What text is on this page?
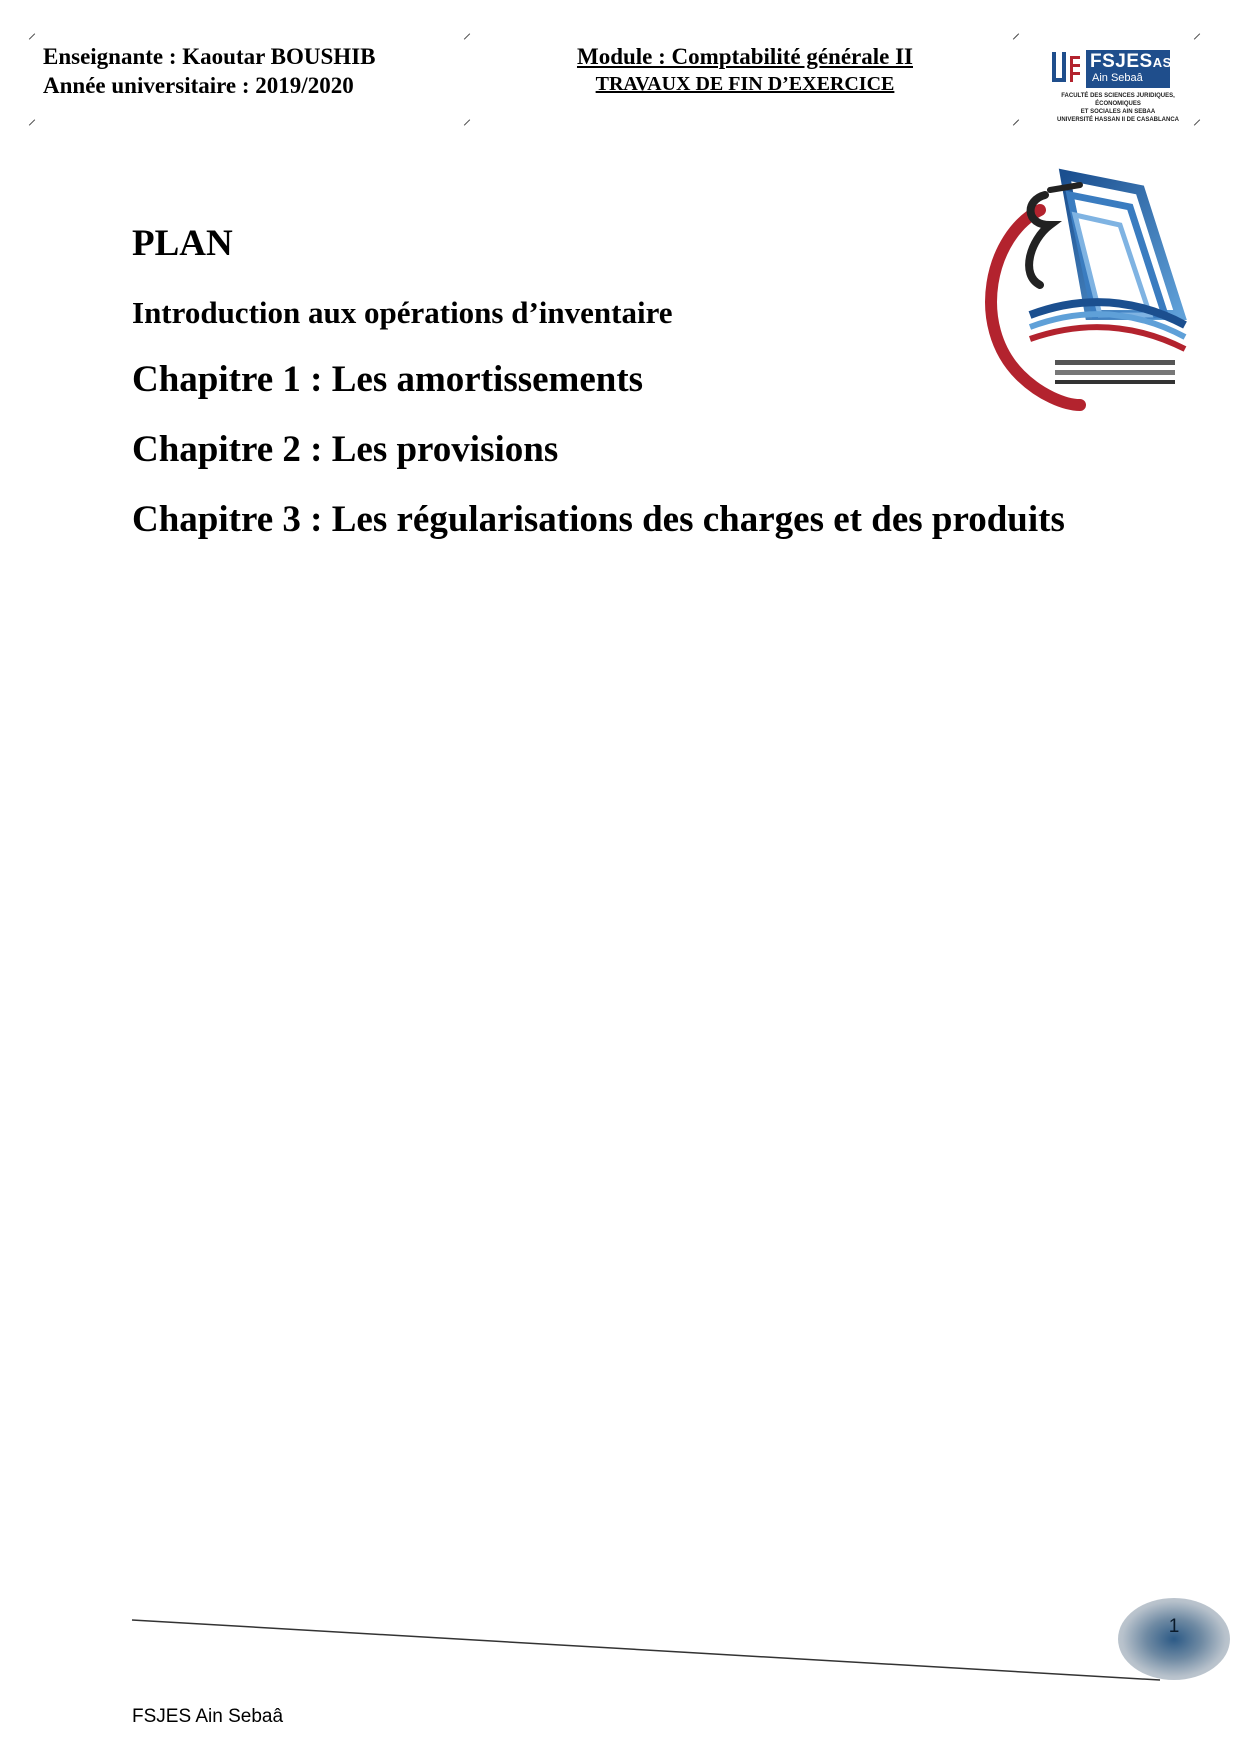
Enseignante : Kaoutar BOUSHIB
Année universitaire : 2019/2020
Module : Comptabilité générale II
TRAVAUX DE FIN D’EXERCICE
FSJESAS
Ain Sebaâ
FACULTÉ DES SCIENCES JURIDIQUES, ÉCONOMIQUES
ET SOCIALES AIN SEBAA
UNIVERSITÉ HASSAN II DE CASABLANCA
PLAN
Introduction aux opérations d’inventaire
Chapitre 1 : Les amortissements
Chapitre 2 : Les provisions
Chapitre 3 : Les régularisations des charges et des produits
1
FSJES Ain Sebaâ
